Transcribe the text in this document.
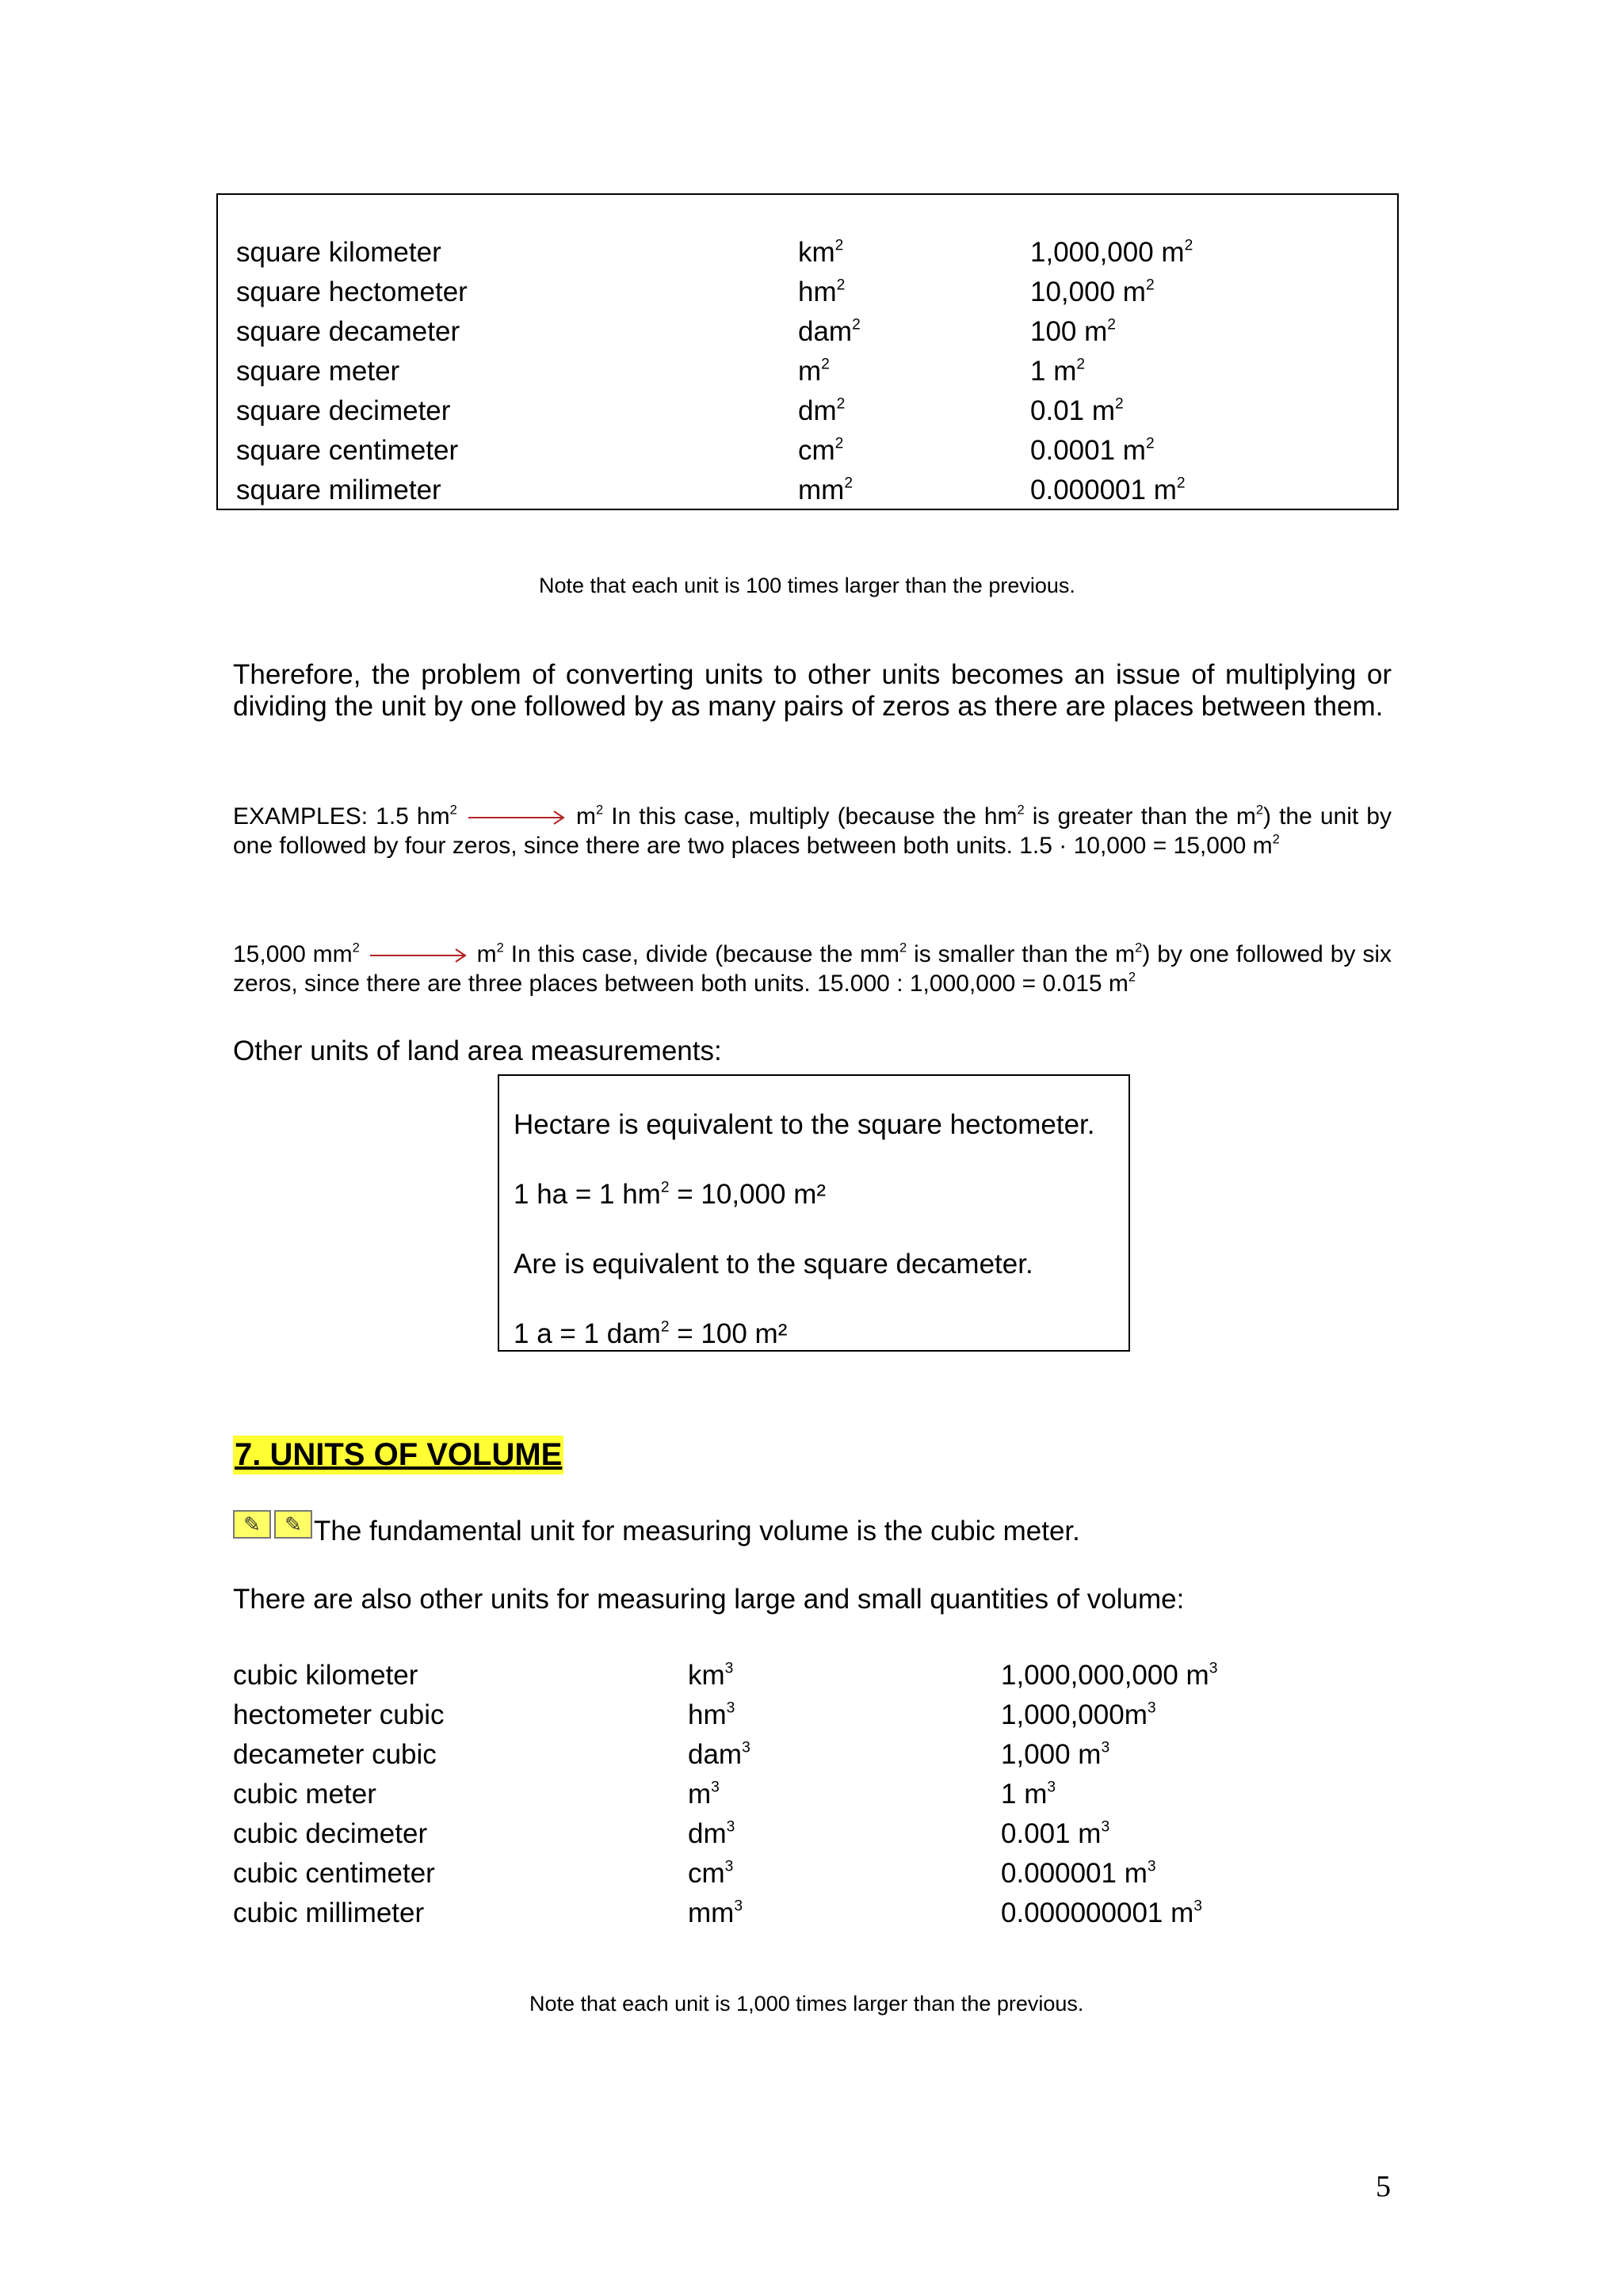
square kilometer	$km^2$	1,000,000 $m^2$
square hectometer	$hm^2$	10,000 $m^2$
square decameter	dam$^2$	100 $m^2$
square meter	$m^2$	1 $m^2$
square decimeter	$dm^2$	0.01 $m^2$
square centimeter	$cm^2$	0.0001 $m^2$
square milimeter	$mm^2$	0.000001 $m^2$
Note that each unit is 100 times larger than the previous.
Therefore, the problem of converting units to other units becomes an issue of multiplying or dividing the unit by one followed by as many pairs of zeros as there are places between them.
EXAMPLES: 1.5 $hm^2$	$m^2$ In this case, multiply (because the $hm^2$ is greater than the $m^2$) the unit by one followed by four zeros, since there are two places between both units. 1.5 · 10,000 = 15,000 $m^2$
15,000 $mm^2$	$m^2$ In this case, divide (because the $mm^2$ is smaller than the $m^2$) by one followed by six zeros, since there are three places between both units. 15.000 : 1,000,000 = 0.015 $m^2$
Other units of land area measurements:
Hectare is equivalent to the square hectometer.
1 ha = 1 $hm^2 = 10,000$ m²
Are is equivalent to the square decameter.
1 a = 1 dam$^2$ = 100 m²
7. UNITS OF VOLUME
✎	✎ The fundamental unit for measuring volume is the cubic meter.
There are also other units for measuring large and small quantities of volume:
cubic kilometer	$km^3$	1,000,000,000 $m^3$
hectometer cubic	$hm^3$	$1,000,000m^3$
decameter cubic	dam$^3$	1,000 $m^3$
cubic meter	$m^3$	1 $m^3$
cubic decimeter	$dm^3$	0.001 $m^3$
cubic centimeter	$cm^3$	0.000001 $m^3$
cubic millimeter	$mm^3$	0.000000001 $m^3$
Note that each unit is 1,000 times larger than the previous.
5
